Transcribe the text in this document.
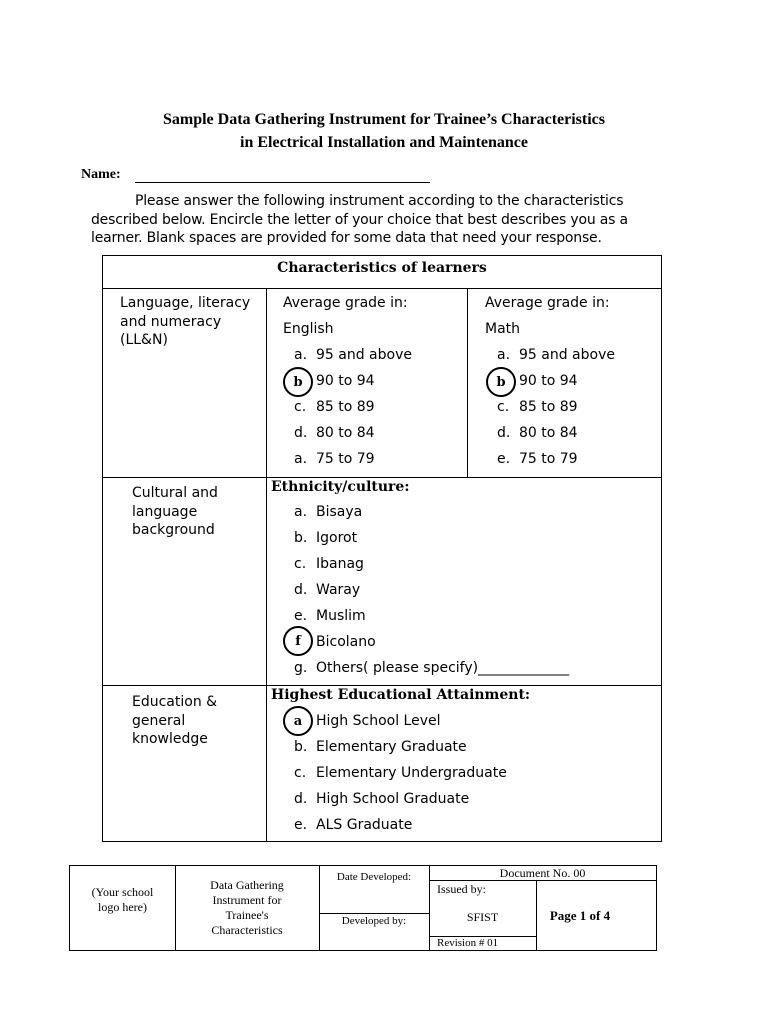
Sample Data Gathering Instrument for Trainee’s Characteristics
in Electrical Installation and Maintenance
Name:
Please answer the following instrument according to the characteristics
described below. Encircle the letter of your choice that best describes you as a
learner. Blank spaces are provided for some data that need your response.
Characteristics of learners
Language, literacy
and numeracy
(LL&N)
Average grade in:
English
a. 95 and above
90 to 94
b
c. 85 to 89
d. 80 to 84
a. 75 to 79
Average grade in:
Math
a. 95 and above
90 to 94
b
c. 85 to 89
d. 80 to 84
e. 75 to 79
Cultural and
language
background
Ethnicity/culture:
a. Bisaya
b. Igorot
c. Ibanag
d. Waray
e. Muslim
Bicolano
f
g. Others( please specify)_____________
Education &
general
knowledge
Highest Educational Attainment:
High School Level
a
b. Elementary Graduate
c. Elementary Undergraduate
d. High School Graduate
e. ALS Graduate
(Your school
logo here)
Data Gathering
Instrument for
Trainee's
Characteristics
Date Developed:
Developed by:
Document No. 00
Issued by:
SFIST
Revision # 01
Page 1 of 4
